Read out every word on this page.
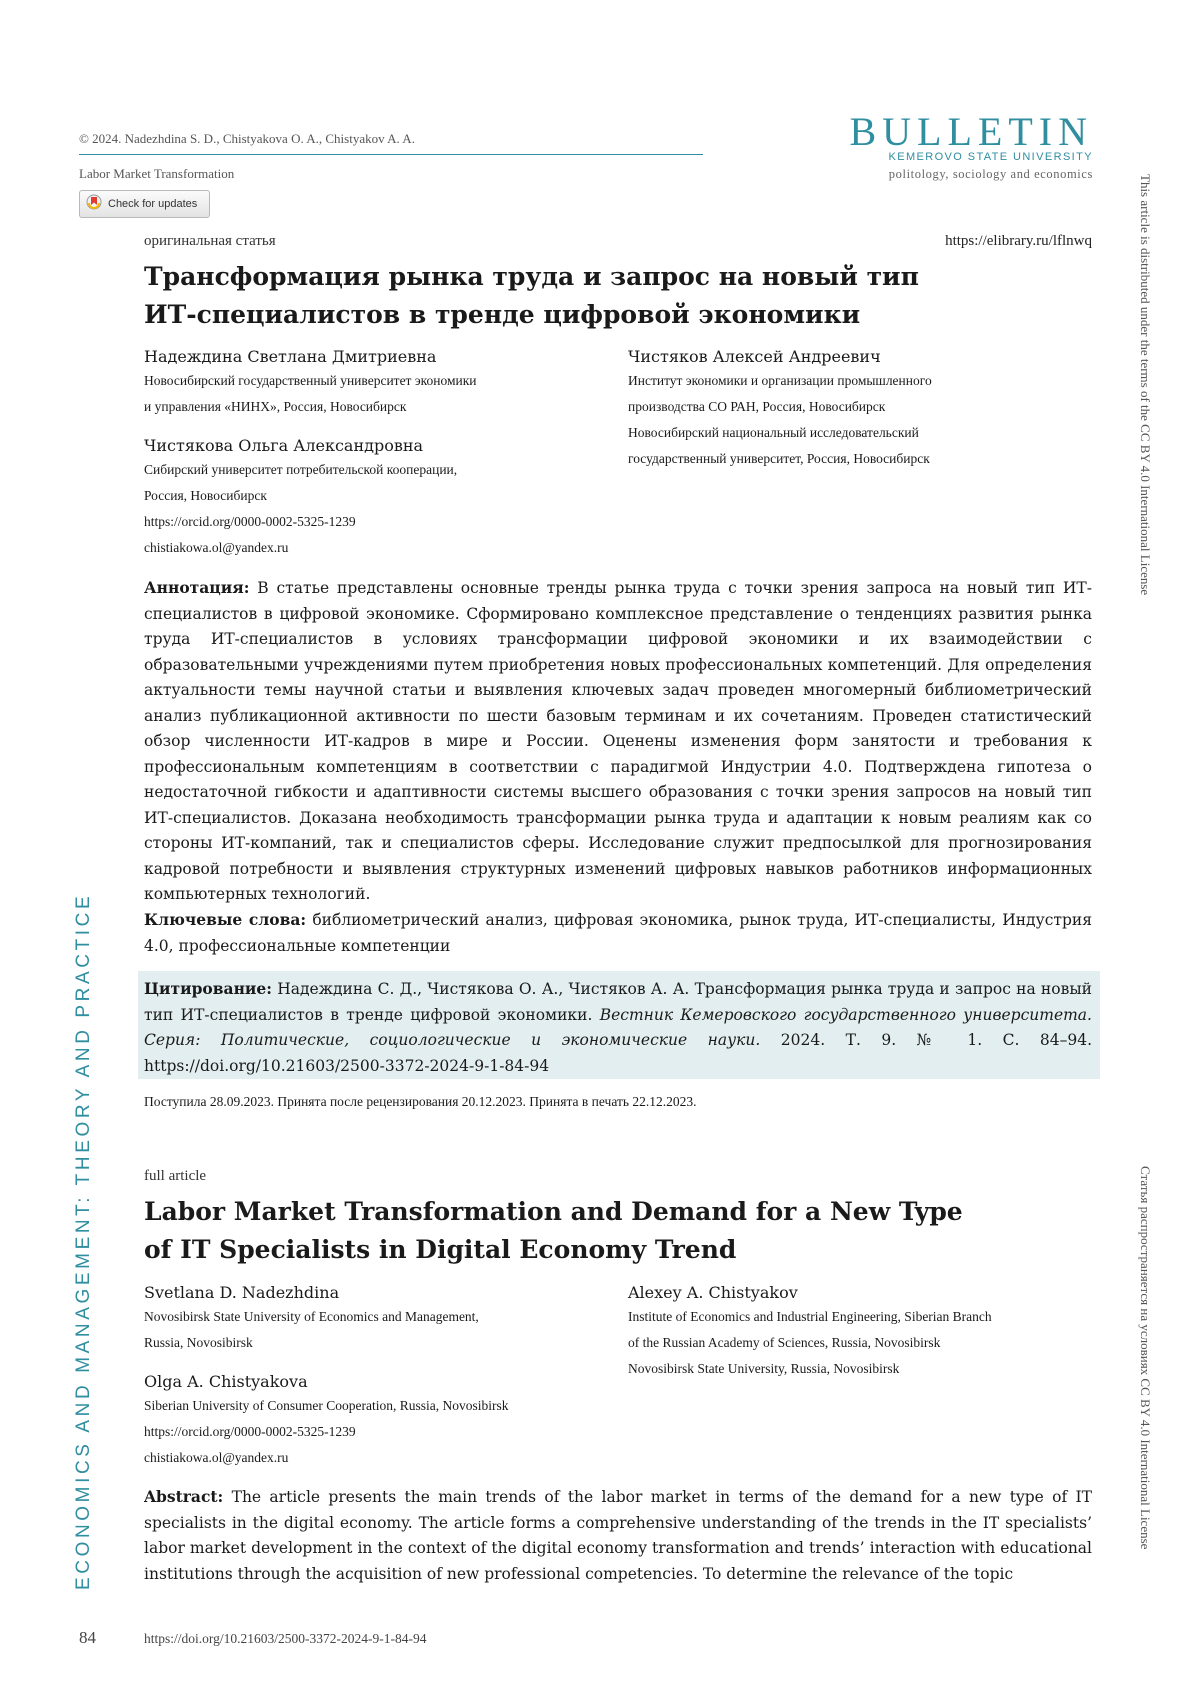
© 2024. Nadezhdina S. D., Chistyakova O. A., Chistyakov A. A.
Labor Market Transformation
Check for updates
BULLETIN
KEMEROVO STATE UNIVERSITY
politology, sociology and economics
ECONOMICS AND MANAGEMENT: THEORY AND PRACTICE
This article is distributed under the terms of the CC BY 4.0 International License
Статья распространяется на условиях CC BY 4.0 International License
оригинальная статья	https://elibrary.ru/lflnwq
Трансформация рынка труда и запрос на новый тип
ИТ-специалистов в тренде цифровой экономики
Надеждина Светлана Дмитриевна
Новосибирский государственный университет экономики
и управления «НИНХ», Россия, Новосибирск
Чистякова Ольга Александровна
Сибирский университет потребительской кооперации,
Россия, Новосибирск
https://orcid.org/0000-0002-5325-1239
chistiakowa.ol@yandex.ru
Чистяков Алексей Андреевич
Институт экономики и организации промышленного
производства СО РАН, Россия, Новосибирск
Новосибирский национальный исследовательский
государственный университет, Россия, Новосибирск
Аннотация: В статье представлены основные тренды рынка труда с точки зрения запроса на новый тип ИТ-специалистов в цифровой экономике. Сформировано комплексное представление о тенденциях развития рынка труда ИТ-специалистов в условиях трансформации цифровой экономики и их взаимодействии с образовательными учреждениями путем приобретения новых профессиональных компетенций. Для определения актуальности темы научной статьи и выявления ключевых задач проведен многомерный библиометрический анализ публикационной активности по шести базовым терминам и их сочетаниям. Проведен статистический обзор численности ИТ-кадров в мире и России. Оценены изменения форм занятости и требования к профессиональным компетенциям в соответствии с парадигмой Индустрии 4.0. Подтверждена гипотеза о недостаточной гибкости и адаптивности системы высшего образования с точки зрения запросов на новый тип ИТ-специалистов. Доказана необходимость трансформации рынка труда и адаптации к новым реалиям как со стороны ИТ-компаний, так и специалистов сферы. Исследование служит предпосылкой для прогнозирования кадровой потребности и выявления структурных изменений цифровых навыков работников информационных компьютерных технологий.
Ключевые слова: библиометрический анализ, цифровая экономика, рынок труда, ИТ-специалисты, Индустрия 4.0, профессиональные компетенции
Цитирование: Надеждина С. Д., Чистякова О. А., Чистяков А. А. Трансформация рынка труда и запрос на новый тип ИТ-специалистов в тренде цифровой экономики. Вестник Кемеровского государственного университета. Серия: Политические, социологические и экономические науки. 2024. Т. 9. № 1. С. 84–94. https://doi.org/10.21603/2500-3372-2024-9-1-84-94
Поступила 28.09.2023. Принята после рецензирования 20.12.2023. Принята в печать 22.12.2023.
full article
Labor Market Transformation and Demand for a New Type
of IT Specialists in Digital Economy Trend
Svetlana D. Nadezhdina
Novosibirsk State University of Economics and Management,
Russia, Novosibirsk
Olga A. Chistyakova
Siberian University of Consumer Cooperation, Russia, Novosibirsk
https://orcid.org/0000-0002-5325-1239
chistiakowa.ol@yandex.ru
Alexey A. Chistyakov
Institute of Economics and Industrial Engineering, Siberian Branch
of the Russian Academy of Sciences, Russia, Novosibirsk
Novosibirsk State University, Russia, Novosibirsk
Abstract: The article presents the main trends of the labor market in terms of the demand for a new type of IT specialists in the digital economy. The article forms a comprehensive understanding of the trends in the IT specialists’ labor market development in the context of the digital economy transformation and trends’ interaction with educational institutions through the acquisition of new professional competencies. To determine the relevance of the topic
84	https://doi.org/10.21603/2500-3372-2024-9-1-84-94
